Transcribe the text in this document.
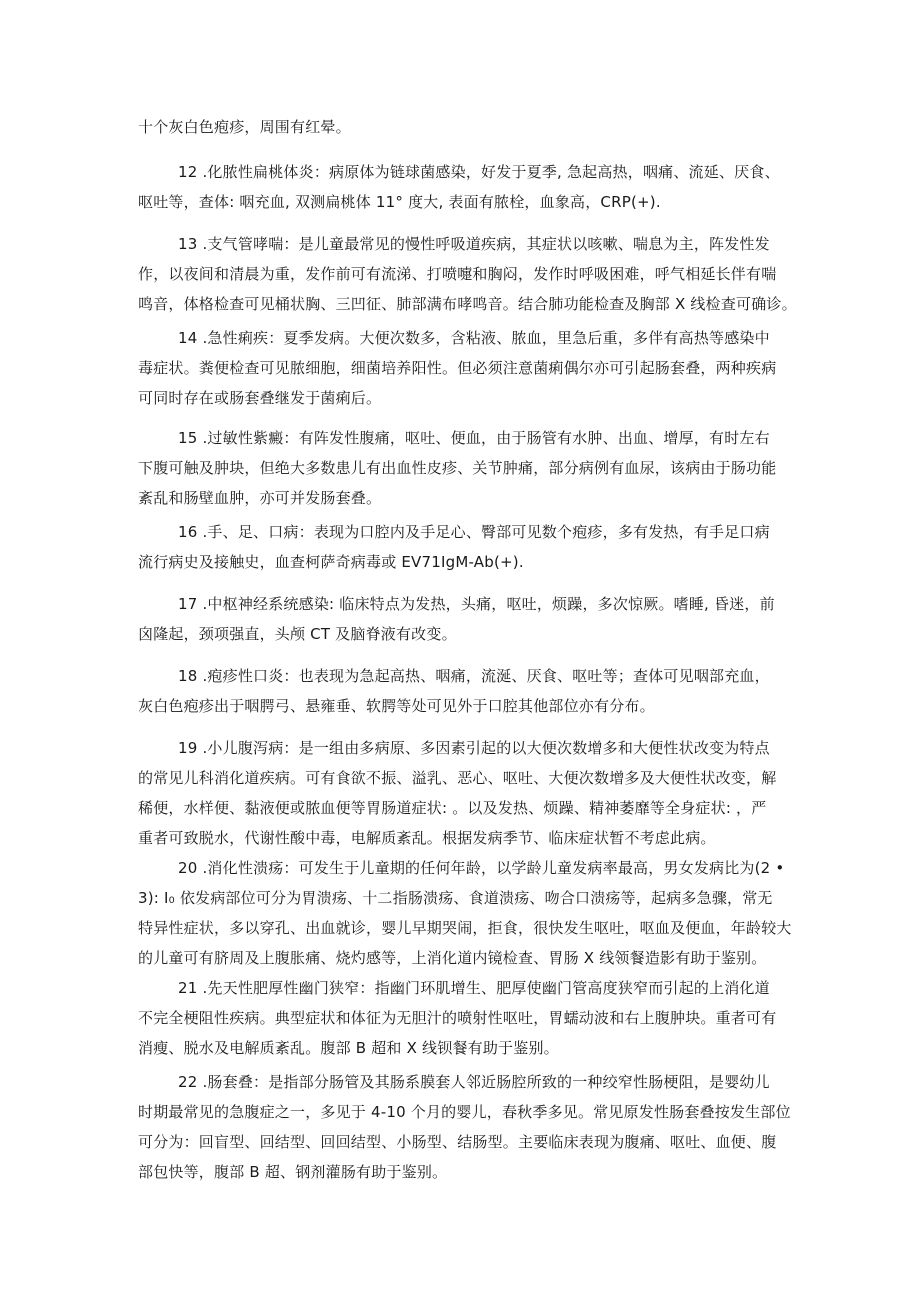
十个灰白色疱疹，周围有红晕。
12 .化脓性扁桃体炎：病原体为链球菌感染，好发于夏季, 急起高热，咽痛、流延、厌食、
呕吐等，查体: 咽充血, 双测扁桃体 11° 度大, 表面有脓栓，血象高，CRP(+).
13 .支气管哮喘：是儿童最常见的慢性呼吸道疾病，其症状以咳嗽、喘息为主，阵发性发
作，以夜间和清晨为重，发作前可有流涕、打喷嚏和胸闷，发作时呼吸困难，呼气相延长伴有喘
鸣音，体格检查可见桶状胸、三凹征、肺部满布哮鸣音。结合肺功能检查及胸部 X 线检查可确诊。
14 .急性痢疾：夏季发病。大便次数多，含粘液、脓血，里急后重，多伴有高热等感染中
毒症状。粪便检查可见脓细胞，细菌培养阳性。但必须注意菌痢偶尔亦可引起肠套叠，两种疾病
可同时存在或肠套叠继发于菌痢后。
15 .过敏性紫癜：有阵发性腹痛，呕吐、便血，由于肠管有水肿、出血、增厚，有时左右
下腹可触及肿块，但绝大多数患儿有出血性皮疹、关节肿痛，部分病例有血尿，该病由于肠功能
紊乱和肠壁血肿，亦可并发肠套叠。
16 .手、足、口病：表现为口腔内及手足心、臀部可见数个疱疹，多有发热，有手足口病
流行病史及接触史，血查柯萨奇病毒或 EV71IgM-Ab(+).
17 .中枢神经系统感染: 临床特点为发热，头痛，呕吐，烦躁，多次惊厥。嗜睡, 昏迷，前
囟隆起，颈项强直，头颅 CT 及脑脊液有改变。
18 .疱疹性口炎：也表现为急起高热、咽痛，流涎、厌食、呕吐等；查体可见咽部充血，
灰白色疱疹出于咽腭弓、悬雍垂、软腭等处可见外于口腔其他部位亦有分布。
19 .小儿腹泻病：是一组由多病原、多因素引起的以大便次数增多和大便性状改变为特点
的常见儿科消化道疾病。可有食欲不振、溢乳、恶心、呕吐、大便次数增多及大便性状改变，解
稀便，水样便、黏液便或脓血便等胃肠道症状: 。以及发热、烦躁、精神萎靡等全身症状: ，严
重者可致脱水，代谢性酸中毒，电解质紊乱。根据发病季节、临床症状暂不考虑此病。
20 .消化性溃疡：可发生于儿童期的任何年龄，以学龄儿童发病率最高，男女发病比为(2 •
3): I₀ 依发病部位可分为胃溃疡、十二指肠溃疡、食道溃疡、吻合口溃疡等，起病多急骤，常无
特异性症状，多以穿孔、出血就诊，婴儿早期哭闹，拒食，很快发生呕吐，呕血及便血，年龄较大
的儿童可有脐周及上腹胀痛、烧灼感等，上消化道内镜检查、胃肠 X 线领餐造影有助于鉴别。
21 .先天性肥厚性幽门狭窄：指幽门环肌增生、肥厚使幽门管高度狭窄而引起的上消化道
不完全梗阻性疾病。典型症状和体征为无胆汁的喷射性呕吐，胃蠕动波和右上腹肿块。重者可有
消瘦、脱水及电解质紊乱。腹部 B 超和 X 线钡餐有助于鉴别。
22 .肠套叠：是指部分肠管及其肠系膜套人邻近肠腔所致的一种绞窄性肠梗阻，是婴幼儿
时期最常见的急腹症之一，多见于 4-10 个月的婴儿，春秋季多见。常见原发性肠套叠按发生部位
可分为：回盲型、回结型、回回结型、小肠型、结肠型。主要临床表现为腹痛、呕吐、血便、腹
部包快等，腹部 B 超、钢剂灌肠有助于鉴别。
